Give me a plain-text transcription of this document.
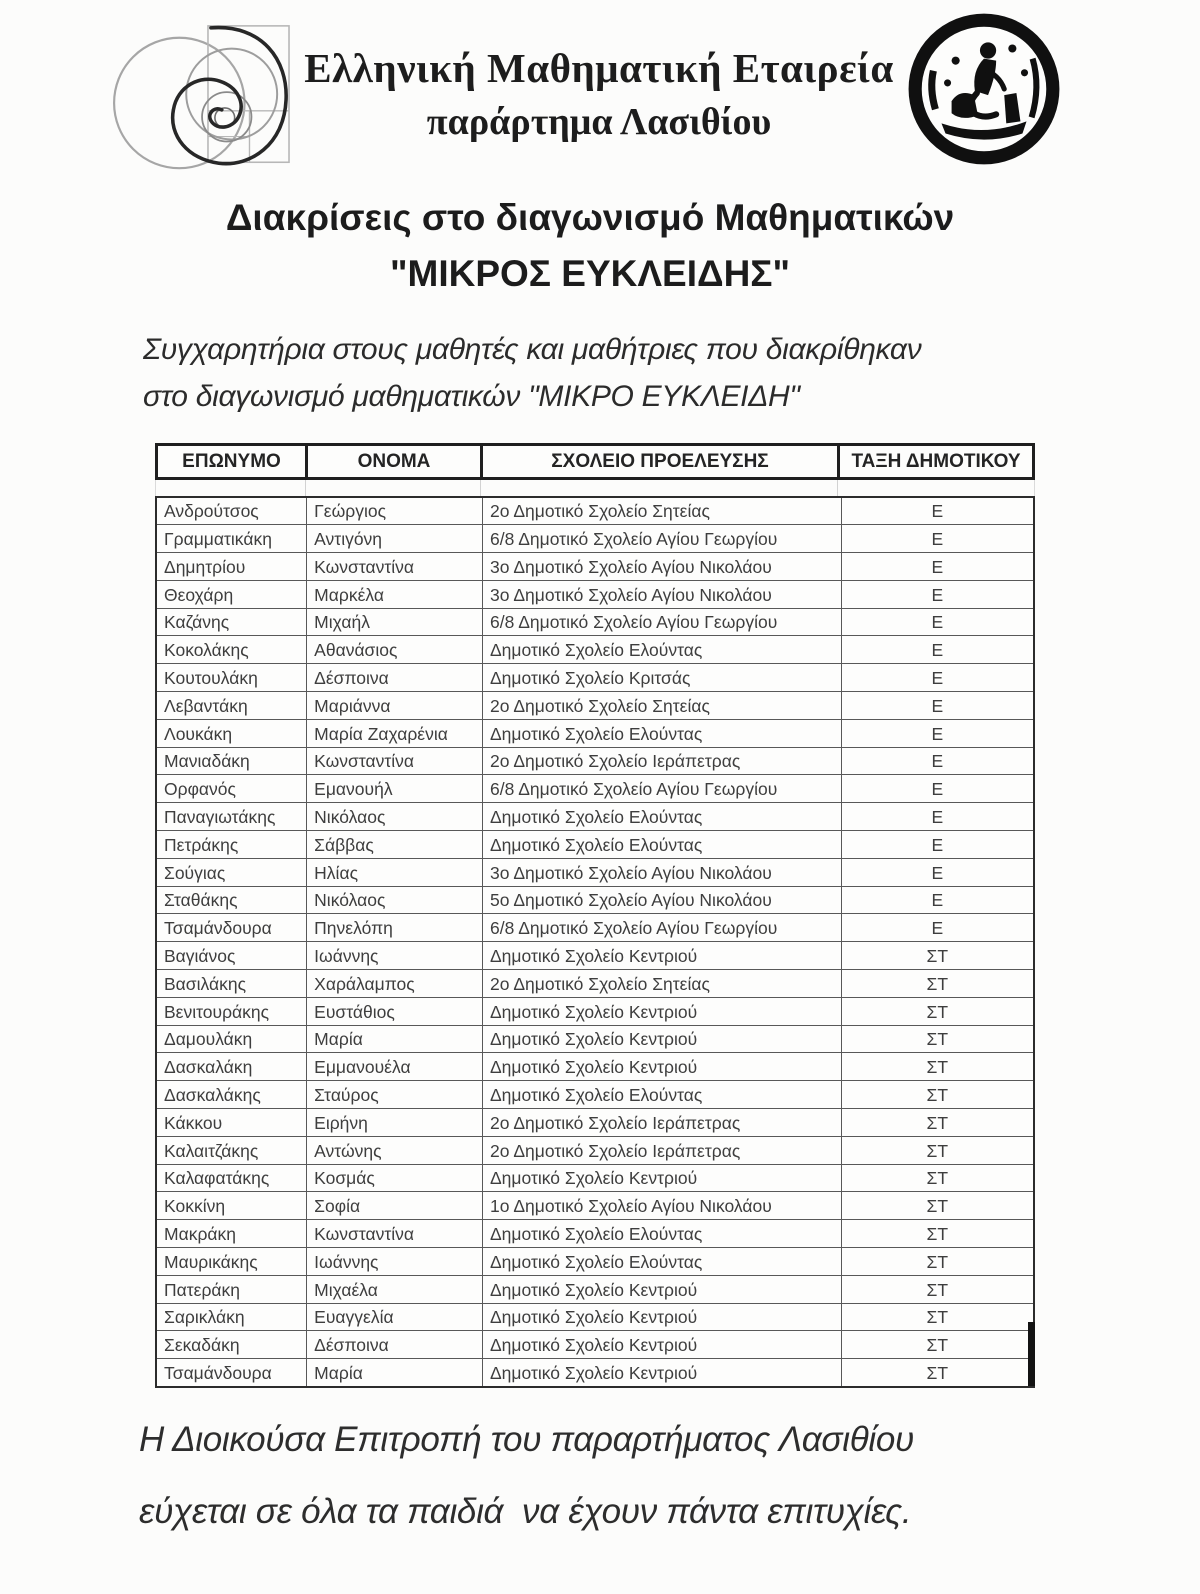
Ελληνική Μαθηματική Εταιρεία
παράρτημα Λασιθίου
Διακρίσεις στο διαγωνισμό Μαθηματικών
"ΜΙΚΡΟΣ ΕΥΚΛΕΙΔΗΣ"
Συγχαρητήρια στους μαθητές και μαθήτριες που διακρίθηκαν
στο διαγωνισμό μαθηματικών "ΜΙΚΡΟ ΕΥΚΛΕΙΔΗ"
ΕΠΩΝΥΜΟ	ΟΝΟΜΑ	ΣΧΟΛΕΙΟ ΠΡΟΕΛΕΥΣΗΣ	ΤΑΞΗ ΔΗΜΟΤΙΚΟΥ
Ανδρούτσος	Γεώργιος	2ο Δημοτικό Σχολείο Σητείας	Ε
Γραμματικάκη	Αντιγόνη	6/8 Δημοτικό Σχολείο Αγίου Γεωργίου	Ε
Δημητρίου	Κωνσταντίνα	3ο Δημοτικό Σχολείο Αγίου Νικολάου	Ε
Θεοχάρη	Μαρκέλα	3ο Δημοτικό Σχολείο Αγίου Νικολάου	Ε
Καζάνης	Μιχαήλ	6/8 Δημοτικό Σχολείο Αγίου Γεωργίου	Ε
Κοκολάκης	Αθανάσιος	Δημοτικό Σχολείο Ελούντας	Ε
Κουτουλάκη	Δέσποινα	Δημοτικό Σχολείο Κριτσάς	Ε
Λεβαντάκη	Μαριάννα	2ο Δημοτικό Σχολείο Σητείας	Ε
Λουκάκη	Μαρία Ζαχαρένια	Δημοτικό Σχολείο Ελούντας	Ε
Μανιαδάκη	Κωνσταντίνα	2ο Δημοτικό Σχολείο Ιεράπετρας	Ε
Ορφανός	Εμανουήλ	6/8 Δημοτικό Σχολείο Αγίου Γεωργίου	Ε
Παναγιωτάκης	Νικόλαος	Δημοτικό Σχολείο Ελούντας	Ε
Πετράκης	Σάββας	Δημοτικό Σχολείο Ελούντας	Ε
Σούγιας	Ηλίας	3ο Δημοτικό Σχολείο Αγίου Νικολάου	Ε
Σταθάκης	Νικόλαος	5ο Δημοτικό Σχολείο Αγίου Νικολάου	Ε
Τσαμάνδουρα	Πηνελόπη	6/8 Δημοτικό Σχολείο Αγίου Γεωργίου	Ε
Βαγιάνος	Ιωάννης	Δημοτικό Σχολείο Κεντριού	ΣΤ
Βασιλάκης	Χαράλαμπος	2ο Δημοτικό Σχολείο Σητείας	ΣΤ
Βενιτουράκης	Ευστάθιος	Δημοτικό Σχολείο Κεντριού	ΣΤ
Δαμουλάκη	Μαρία	Δημοτικό Σχολείο Κεντριού	ΣΤ
Δασκαλάκη	Εμμανουέλα	Δημοτικό Σχολείο Κεντριού	ΣΤ
Δασκαλάκης	Σταύρος	Δημοτικό Σχολείο Ελούντας	ΣΤ
Κάκκου	Ειρήνη	2ο Δημοτικό Σχολείο Ιεράπετρας	ΣΤ
Καλαιτζάκης	Αντώνης	2ο Δημοτικό Σχολείο Ιεράπετρας	ΣΤ
Καλαφατάκης	Κοσμάς	Δημοτικό Σχολείο Κεντριού	ΣΤ
Κοκκίνη	Σοφία	1ο Δημοτικό Σχολείο Αγίου Νικολάου	ΣΤ
Μακράκη	Κωνσταντίνα	Δημοτικό Σχολείο Ελούντας	ΣΤ
Μαυρικάκης	Ιωάννης	Δημοτικό Σχολείο Ελούντας	ΣΤ
Πατεράκη	Μιχαέλα	Δημοτικό Σχολείο Κεντριού	ΣΤ
Σαρικλάκη	Ευαγγελία	Δημοτικό Σχολείο Κεντριού	ΣΤ
Σεκαδάκη	Δέσποινα	Δημοτικό Σχολείο Κεντριού	ΣΤ
Τσαμάνδουρα	Μαρία	Δημοτικό Σχολείο Κεντριού	ΣΤ
Η Διοικούσα Επιτροπή του παραρτήματος Λασιθίου
εύχεται σε όλα τα παιδιά  να έχουν πάντα επιτυχίες.
